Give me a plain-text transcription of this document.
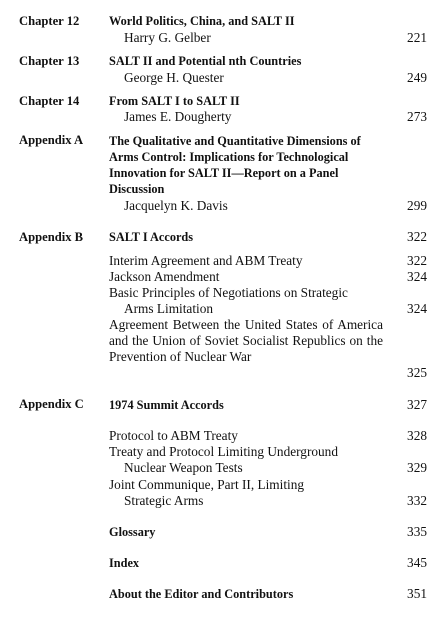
Chapter 12 World Politics, China, and SALT II
Harry G. Gelber	221
Chapter 13 SALT II and Potential nth Countries
George H. Quester	249
Chapter 14 From SALT I to SALT II
James E. Dougherty	273
Appendix A The Qualitative and Quantitative Dimensions of Arms Control: Implications for Technological Innovation for SALT II—Report on a Panel Discussion
Jacquelyn K. Davis	299
Appendix B SALT I Accords	322
Interim Agreement and ABM Treaty	322
Jackson Amendment	324
Basic Principles of Negotiations on Strategic
Arms Limitation	324
Agreement Between the United States of America and the Union of Soviet Socialist Republics on the Prevention of Nuclear War
325
Appendix C 1974 Summit Accords	327
Protocol to ABM Treaty	328
Treaty and Protocol Limiting Underground
Nuclear Weapon Tests	329
Joint Communique, Part II, Limiting
Strategic Arms	332
Glossary	335
Index	345
About the Editor and Contributors	351
